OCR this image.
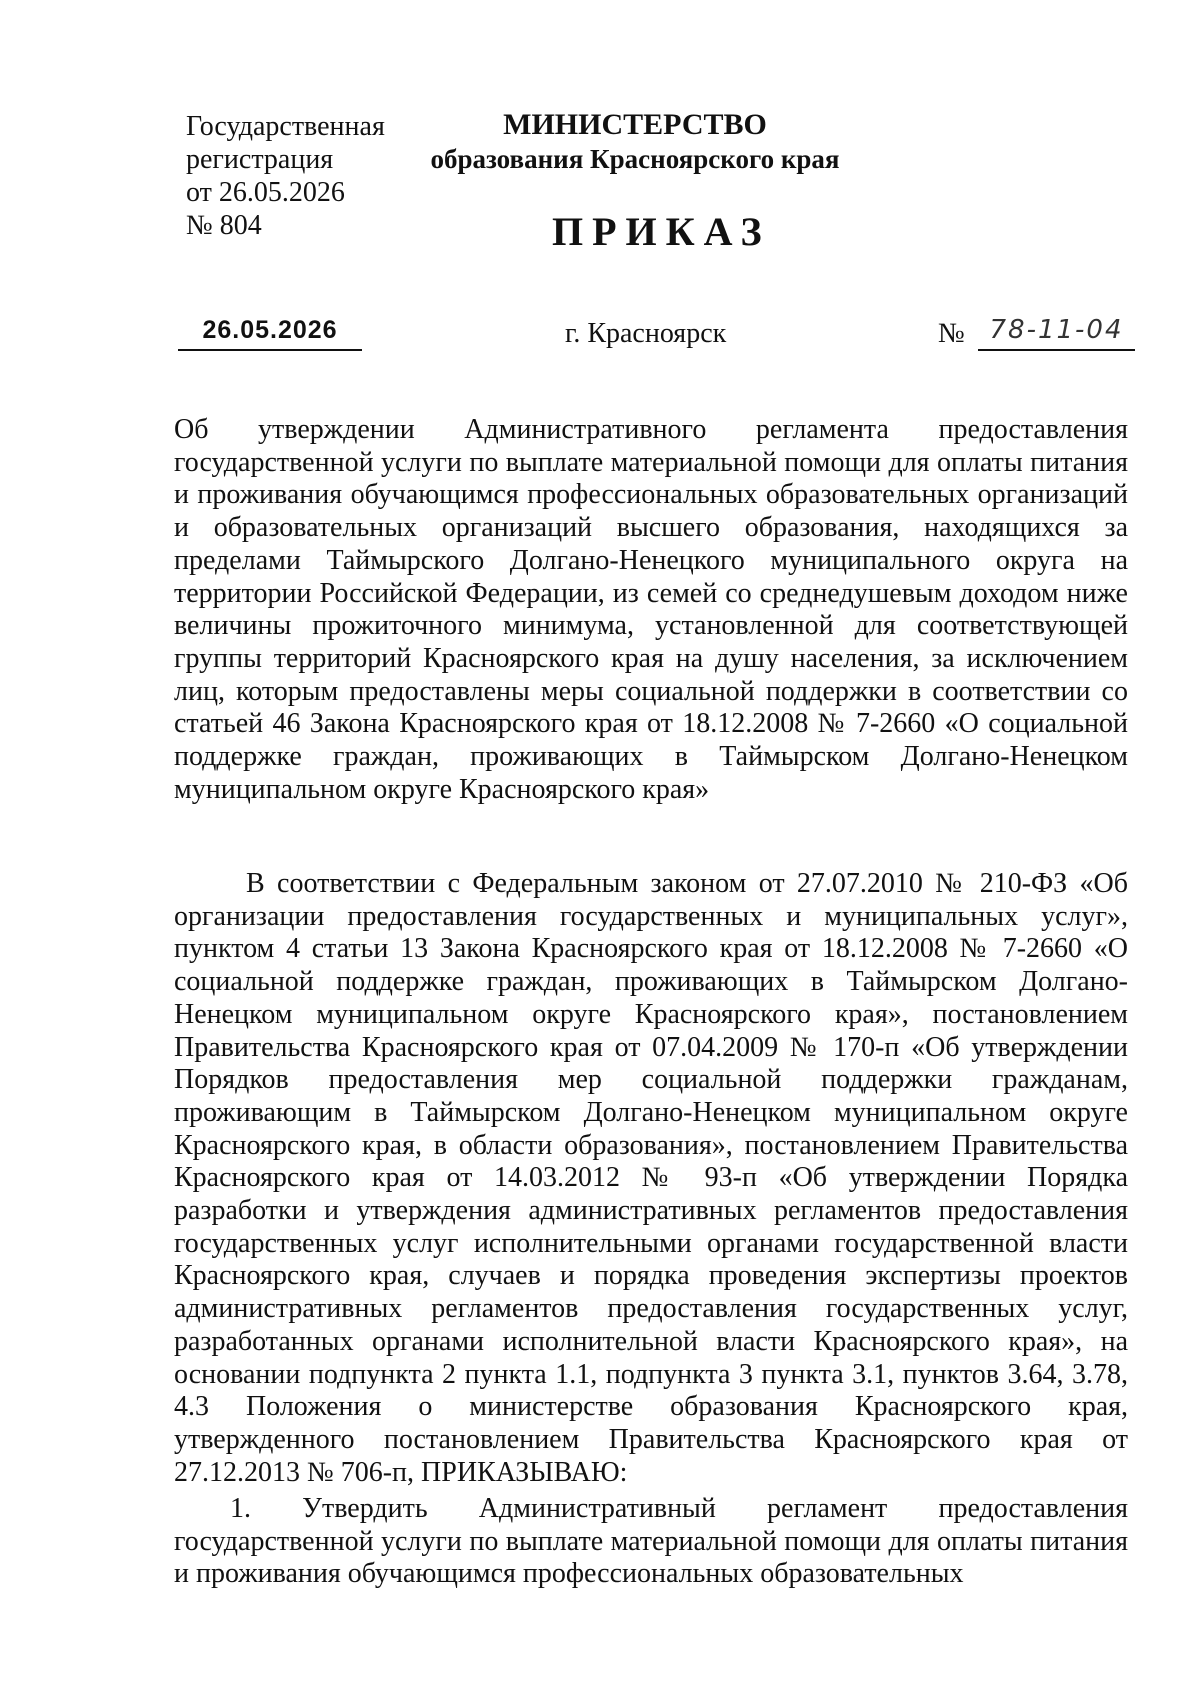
Государственная
регистрация
от 26.05.2026
№ 804
МИНИСТЕРСТВО
образования Красноярского края
ПРИКАЗ
26.05.2026	г. Красноярск	№ 78-11-04
Об утверждении Административного регламента предоставления государственной услуги по выплате материальной помощи для оплаты питания и проживания обучающимся профессиональных образовательных организаций и образовательных организаций высшего образования, находящихся за пределами Таймырского Долгано-Ненецкого муниципального округа на территории Российской Федерации, из семей со среднедушевым доходом ниже величины прожиточного минимума, установленной для соответствующей группы территорий Красноярского края на душу населения, за исключением лиц, которым предоставлены меры социальной поддержки в соответствии со статьей 46 Закона Красноярского края от 18.12.2008 № 7-2660 «О социальной поддержке граждан, проживающих в Таймырском Долгано-Ненецком муниципальном округе Красноярского края»
В соответствии с Федеральным законом от 27.07.2010 № 210-ФЗ «Об организации предоставления государственных и муниципальных услуг», пунктом 4 статьи 13 Закона Красноярского края от 18.12.2008 № 7-2660 «О социальной поддержке граждан, проживающих в Таймырском Долгано-Ненецком муниципальном округе Красноярского края», постановлением Правительства Красноярского края от 07.04.2009 № 170-п «Об утверждении Порядков предоставления мер социальной поддержки гражданам, проживающим в Таймырском Долгано-Ненецком муниципальном округе Красноярского края, в области образования», постановлением Правительства Красноярского края от 14.03.2012 № 93-п «Об утверждении Порядка разработки и утверждения административных регламентов предоставления государственных услуг исполнительными органами государственной власти Красноярского края, случаев и порядка проведения экспертизы проектов административных регламентов предоставления государственных услуг, разработанных органами исполнительной власти Красноярского края», на основании подпункта 2 пункта 1.1, подпункта 3 пункта 3.1, пунктов 3.64, 3.78, 4.3 Положения о министерстве образования Красноярского края, утвержденного постановлением Правительства Красноярского края от 27.12.2013 № 706-п, ПРИКАЗЫВАЮ:
1. Утвердить Административный регламент предоставления государственной услуги по выплате материальной помощи для оплаты питания и проживания обучающимся профессиональных образовательных
